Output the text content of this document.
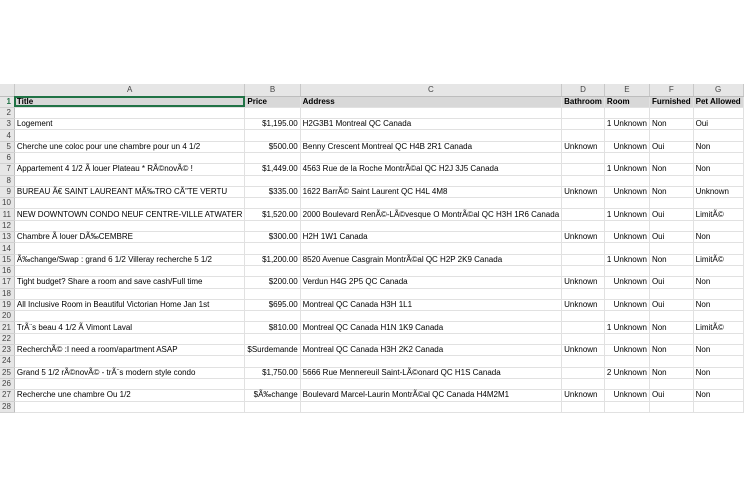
	A	B	C	D	E	F	G
1	Title	Price	Address	Bathroom	Room	Furnished	Pet Allowed
2							
3	Logement	$1,195.00	H2G3B1 Montreal QC Canada		1 Unknown	Non	Oui
4							
5	Cherche une coloc pour une chambre pour un 4 1/2	$500.00	Benny Crescent Montreal QC H4B 2R1 Canada	Unknown	Unknown	Oui	Non
6							
7	Appartement 4 1/2 Ã louer Plateau * RÃ©novÃ© !	$1,449.00	4563 Rue de la Roche MontrÃ©al QC H2J 3J5 Canada		1 Unknown	Non	Non
8							
9	BUREAU Ã€ SAINT LAUREANT MÃ‰TRO CÃ”TE VERTU	$335.00	1622 BarrÃ© Saint Laurent QC H4L 4M8	Unknown	Unknown	Non	Unknown
10							
11	NEW DOWNTOWN CONDO NEUF CENTRE-VILLE ATWATER	$1,520.00	2000 Boulevard RenÃ©-LÃ©vesque O MontrÃ©al QC H3H 1R6 Canada		1 Unknown	Oui	LimitÃ©
12							
13	Chambre Ã louer DÃ‰CEMBRE	$300.00	H2H 1W1 Canada	Unknown	Unknown	Oui	Non
14							
15	Ã‰change/Swap : grand 6 1/2 Villeray recherche 5 1/2	$1,200.00	8520 Avenue Casgrain MontrÃ©al QC H2P 2K9 Canada		1 Unknown	Non	LimitÃ©
16							
17	Tight budget? Share a room and save cash/Full time	$200.00	Verdun H4G 2P5 QC Canada	Unknown	Unknown	Oui	Non
18							
19	All Inclusive Room in Beautiful Victorian Home Jan 1st	$695.00	Montreal QC Canada H3H 1L1	Unknown	Unknown	Oui	Non
20							
21	TrÃ¨s beau 4 1/2 Ã Vimont Laval	$810.00	Montreal QC Canada H1N 1K9 Canada		1 Unknown	Non	LimitÃ©
22							
23	RecherchÃ© :I need a room/apartment ASAP	$Surdemande	Montreal QC Canada H3H 2K2 Canada	Unknown	Unknown	Non	Non
24							
25	Grand 5 1/2 rÃ©novÃ© - trÃ¨s modern style condo	$1,750.00	5666 Rue Mennereuil Saint-LÃ©onard QC H1S Canada		2 Unknown	Non	Non
26							
27	Recherche une chambre Ou 1/2	$Ã‰change	Boulevard Marcel-Laurin MontrÃ©al QC Canada H4M2M1	Unknown	Unknown	Oui	Non
28							
